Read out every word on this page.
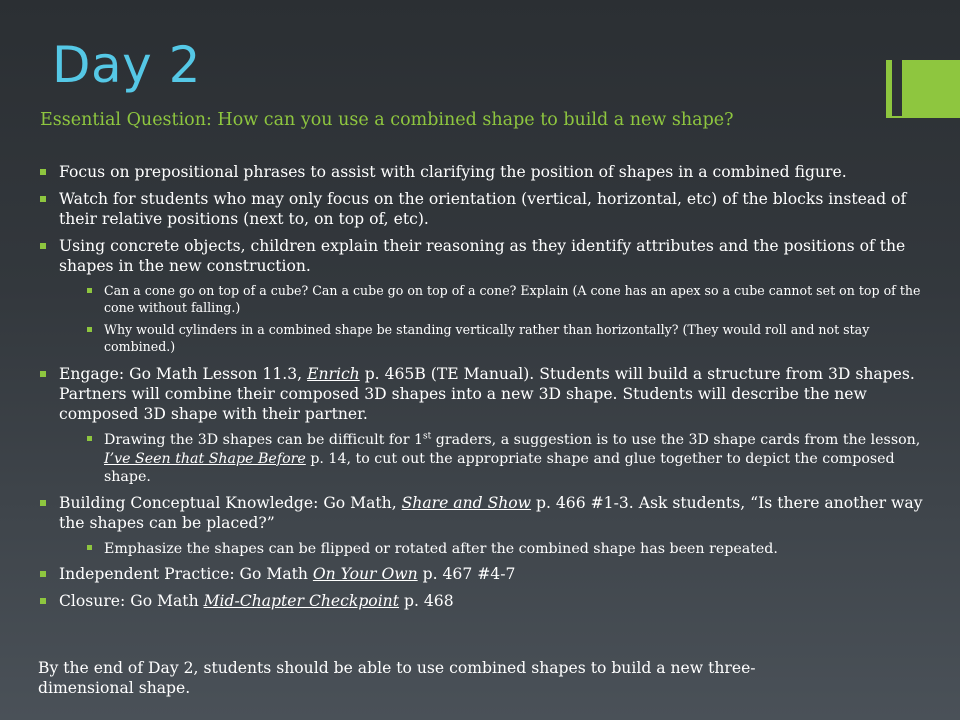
Day 2
Essential Question: How can you use a combined shape to build a new shape?
Focus on prepositional phrases to assist with clarifying the position of shapes in a combined figure.
Watch for students who may only focus on the orientation (vertical, horizontal, etc) of the blocks instead of their relative positions (next to, on top of, etc).
Using concrete objects, children explain their reasoning as they identify attributes and the positions of the shapes in the new construction.
Can a cone go on top of a cube? Can a cube go on top of a cone? Explain (A cone has an apex so a cube cannot set on top of the cone without falling.)
Why would cylinders in a combined shape be standing vertically rather than horizontally? (They would roll and not stay combined.)
Engage: Go Math Lesson 11.3, Enrich p. 465B (TE Manual). Students will build a structure from 3D shapes. Partners will combine their composed 3D shapes into a new 3D shape. Students will describe the new composed 3D shape with their partner.
Drawing the 3D shapes can be difficult for 1st graders, a suggestion is to use the 3D shape cards from the lesson, I’ve Seen that Shape Before p. 14, to cut out the appropriate shape and glue together to depict the composed shape.
Building Conceptual Knowledge: Go Math, Share and Show p. 466 #1-3. Ask students, “Is there another way the shapes can be placed?”
Emphasize the shapes can be flipped or rotated after the combined shape has been repeated.
Independent Practice: Go Math On Your Own p. 467 #4-7
Closure: Go Math Mid-Chapter Checkpoint p. 468
By the end of Day 2, students should be able to use combined shapes to build a new three-
dimensional shape.
